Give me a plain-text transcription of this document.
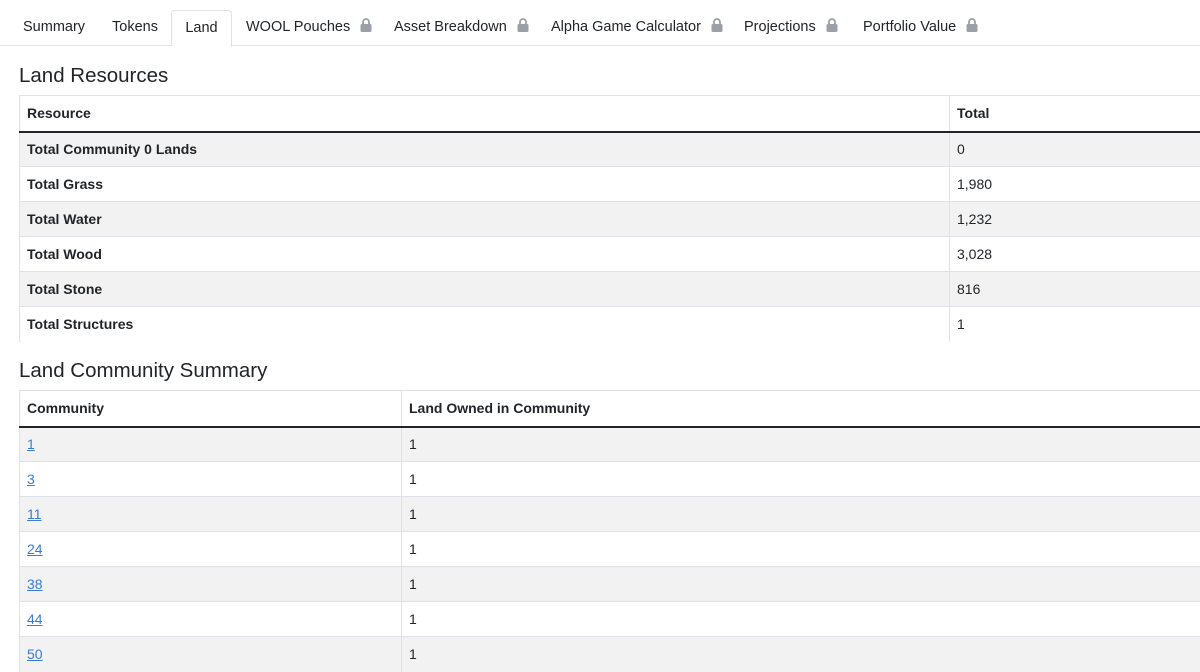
Summary Tokens	Land	WOOL Pouches	Asset Breakdown	Alpha Game Calculator	Projections	Portfolio Value
Land Resources
Resource	Total
Total Community 0 Lands	0
Total Grass	1,980
Total Water	1,232
Total Wood	3,028
Total Stone	816
Total Structures	1
Land Community Summary
Community	Land Owned in Community
1	1
3	1
11	1
24	1
38	1
44	1
50	1
